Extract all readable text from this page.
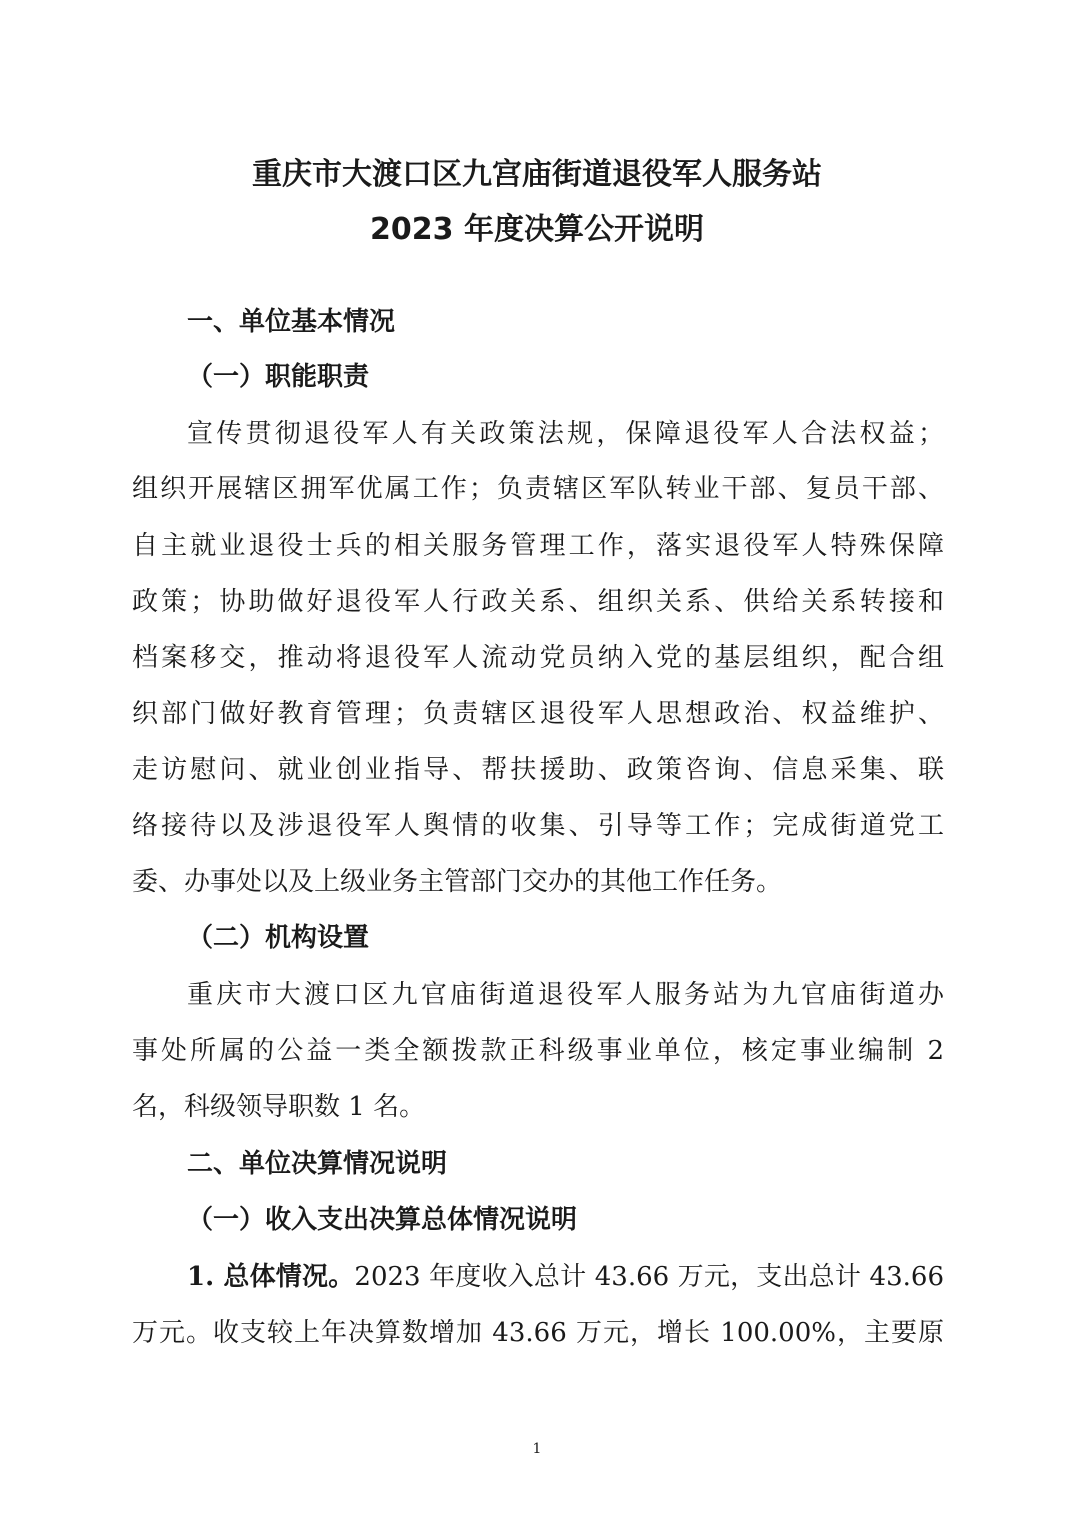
重庆市大渡口区九宫庙街道退役军人服务站
2023 年度决算公开说明
一、单位基本情况
（一）职能职责
宣传贯彻退役军人有关政策法规，保障退役军人合法权益；
组织开展辖区拥军优属工作；负责辖区军队转业干部、复员干部、
自主就业退役士兵的相关服务管理工作，落实退役军人特殊保障
政策；协助做好退役军人行政关系、组织关系、供给关系转接和
档案移交，推动将退役军人流动党员纳入党的基层组织，配合组
织部门做好教育管理；负责辖区退役军人思想政治、权益维护、
走访慰问、就业创业指导、帮扶援助、政策咨询、信息采集、联
络接待以及涉退役军人舆情的收集、引导等工作；完成街道党工
委、办事处以及上级业务主管部门交办的其他工作任务。
（二）机构设置
重庆市大渡口区九官庙街道退役军人服务站为九官庙街道办
事处所属的公益一类全额拨款正科级事业单位，核定事业编制 2
名，科级领导职数 1 名。
二、单位决算情况说明
（一）收入支出决算总体情况说明
1. 总体情况。2023 年度收入总计 43.66 万元，支出总计 43.66
万元。收支较上年决算数增加 43.66 万元，增长 100.00%，主要原
1
